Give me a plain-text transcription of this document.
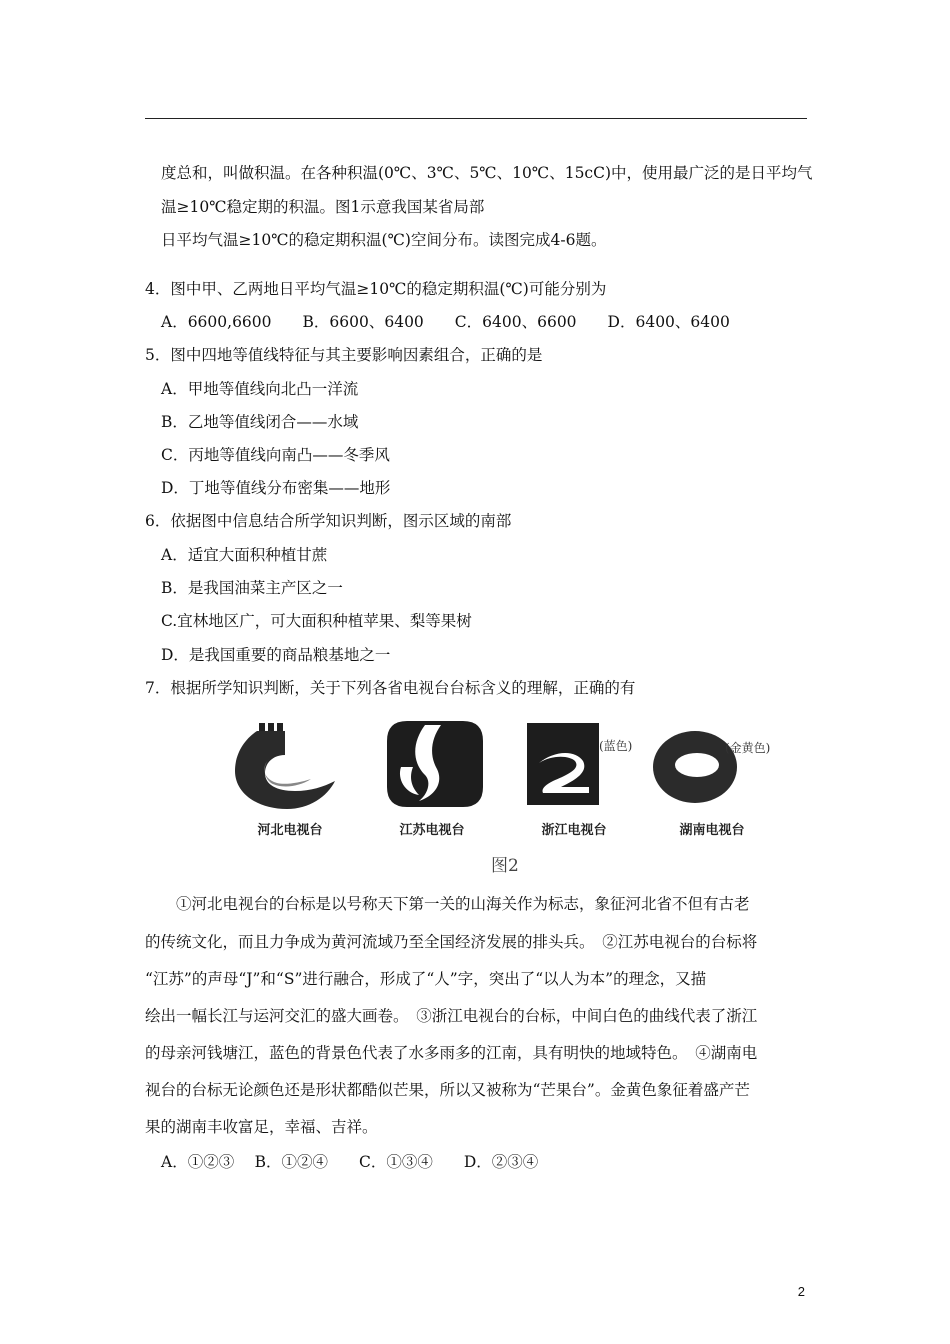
度总和，叫做积温。在各种积温(0℃、3℃、5℃、10℃、15cC)中，使用最广泛的是日平均气
温≥10℃稳定期的积温。图1示意我国某省局部
日平均气温≥10℃的稳定期积温(℃)空间分布。读图完成4-6题。
4．图中甲、乙两地日平均气温≥10℃的稳定期积温(℃)可能分别为
A．6600,6600　　B．6600、6400　　C．6400、6600　　D．6400、6400
5．图中四地等值线特征与其主要影响因素组合，正确的是
A．甲地等值线向北凸一洋流
B．乙地等值线闭合——水域
C．丙地等值线向南凸——冬季风
D．丁地等值线分布密集——地形
6．依据图中信息结合所学知识判断，图示区域的南部
A．适宜大面积种植甘蔗
B．是我国油菜主产区之一
C.宜林地区广，可大面积种植苹果、梨等果树
D．是我国重要的商品粮基地之一
7．根据所学知识判断，关于下列各省电视台台标含义的理解，正确的有
河北电视台	江苏电视台
(蓝色)
浙江电视台
(金黄色)
湖南电视台
图2
①河北电视台的台标是以号称天下第一关的山海关作为标志，象征河北省不但有古老
的传统文化，而且力争成为黄河流域乃至全国经济发展的排头兵。　②江苏电视台的台标将
“江苏”的声母“J”和“S”进行融合，形成了“人”字，突出了“以人为本”的理念，又描
绘出一幅长江与运河交汇的盛大画卷。　③浙江电视台的台标，中间白色的曲线代表了浙江
的母亲河钱塘江，蓝色的背景色代表了水多雨多的江南，具有明快的地域特色。　④湖南电
视台的台标无论颜色还是形状都酷似芒果，所以又被称为“芒果台”。金黄色象征着盛产芒
果的湖南丰收富足，幸福、吉祥。
A．①②③　 B．①②④　　C．①③④　　D．②③④
2
